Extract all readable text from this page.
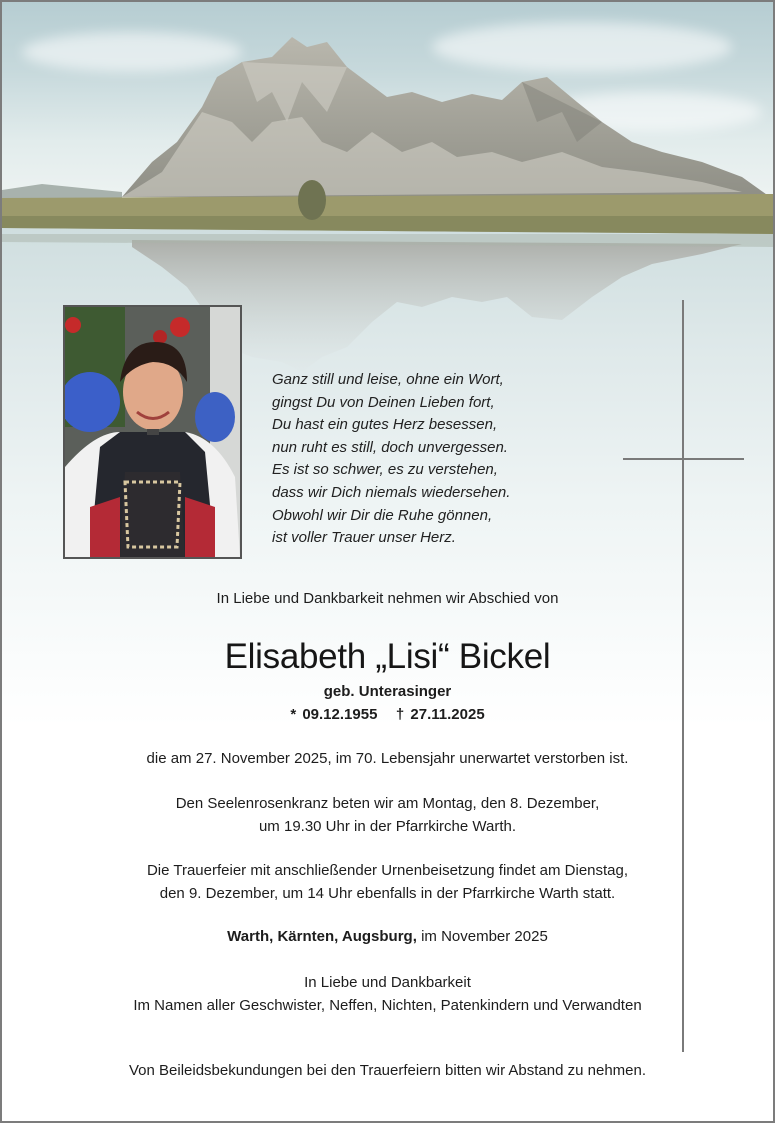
Ganz still und leise, ohne ein Wort,
gingst Du von Deinen Lieben fort,
Du hast ein gutes Herz besessen,
nun ruht es still, doch unvergessen.
Es ist so schwer, es zu verstehen,
dass wir Dich niemals wiedersehen.
Obwohl wir Dir die Ruhe gönnen,
ist voller Trauer unser Herz.
In Liebe und Dankbarkeit nehmen wir Abschied von
Elisabeth „Lisi“ Bickel
geb. Unterasinger
* 09.12.1955   † 27.11.2025
die am 27. November 2025, im 70. Lebensjahr unerwartet verstorben ist.
Den Seelenrosenkranz beten wir am Montag, den 8. Dezember,
um 19.30 Uhr in der Pfarrkirche Warth.
Die Trauerfeier mit anschließender Urnenbeisetzung findet am Dienstag,
den 9. Dezember, um 14 Uhr ebenfalls in der Pfarrkirche Warth statt.
Warth, Kärnten, Augsburg, im November 2025
In Liebe und Dankbarkeit
Im Namen aller Geschwister, Neffen, Nichten, Patenkindern und Verwandten
Von Beileidsbekundungen bei den Trauerfeiern bitten wir Abstand zu nehmen.
